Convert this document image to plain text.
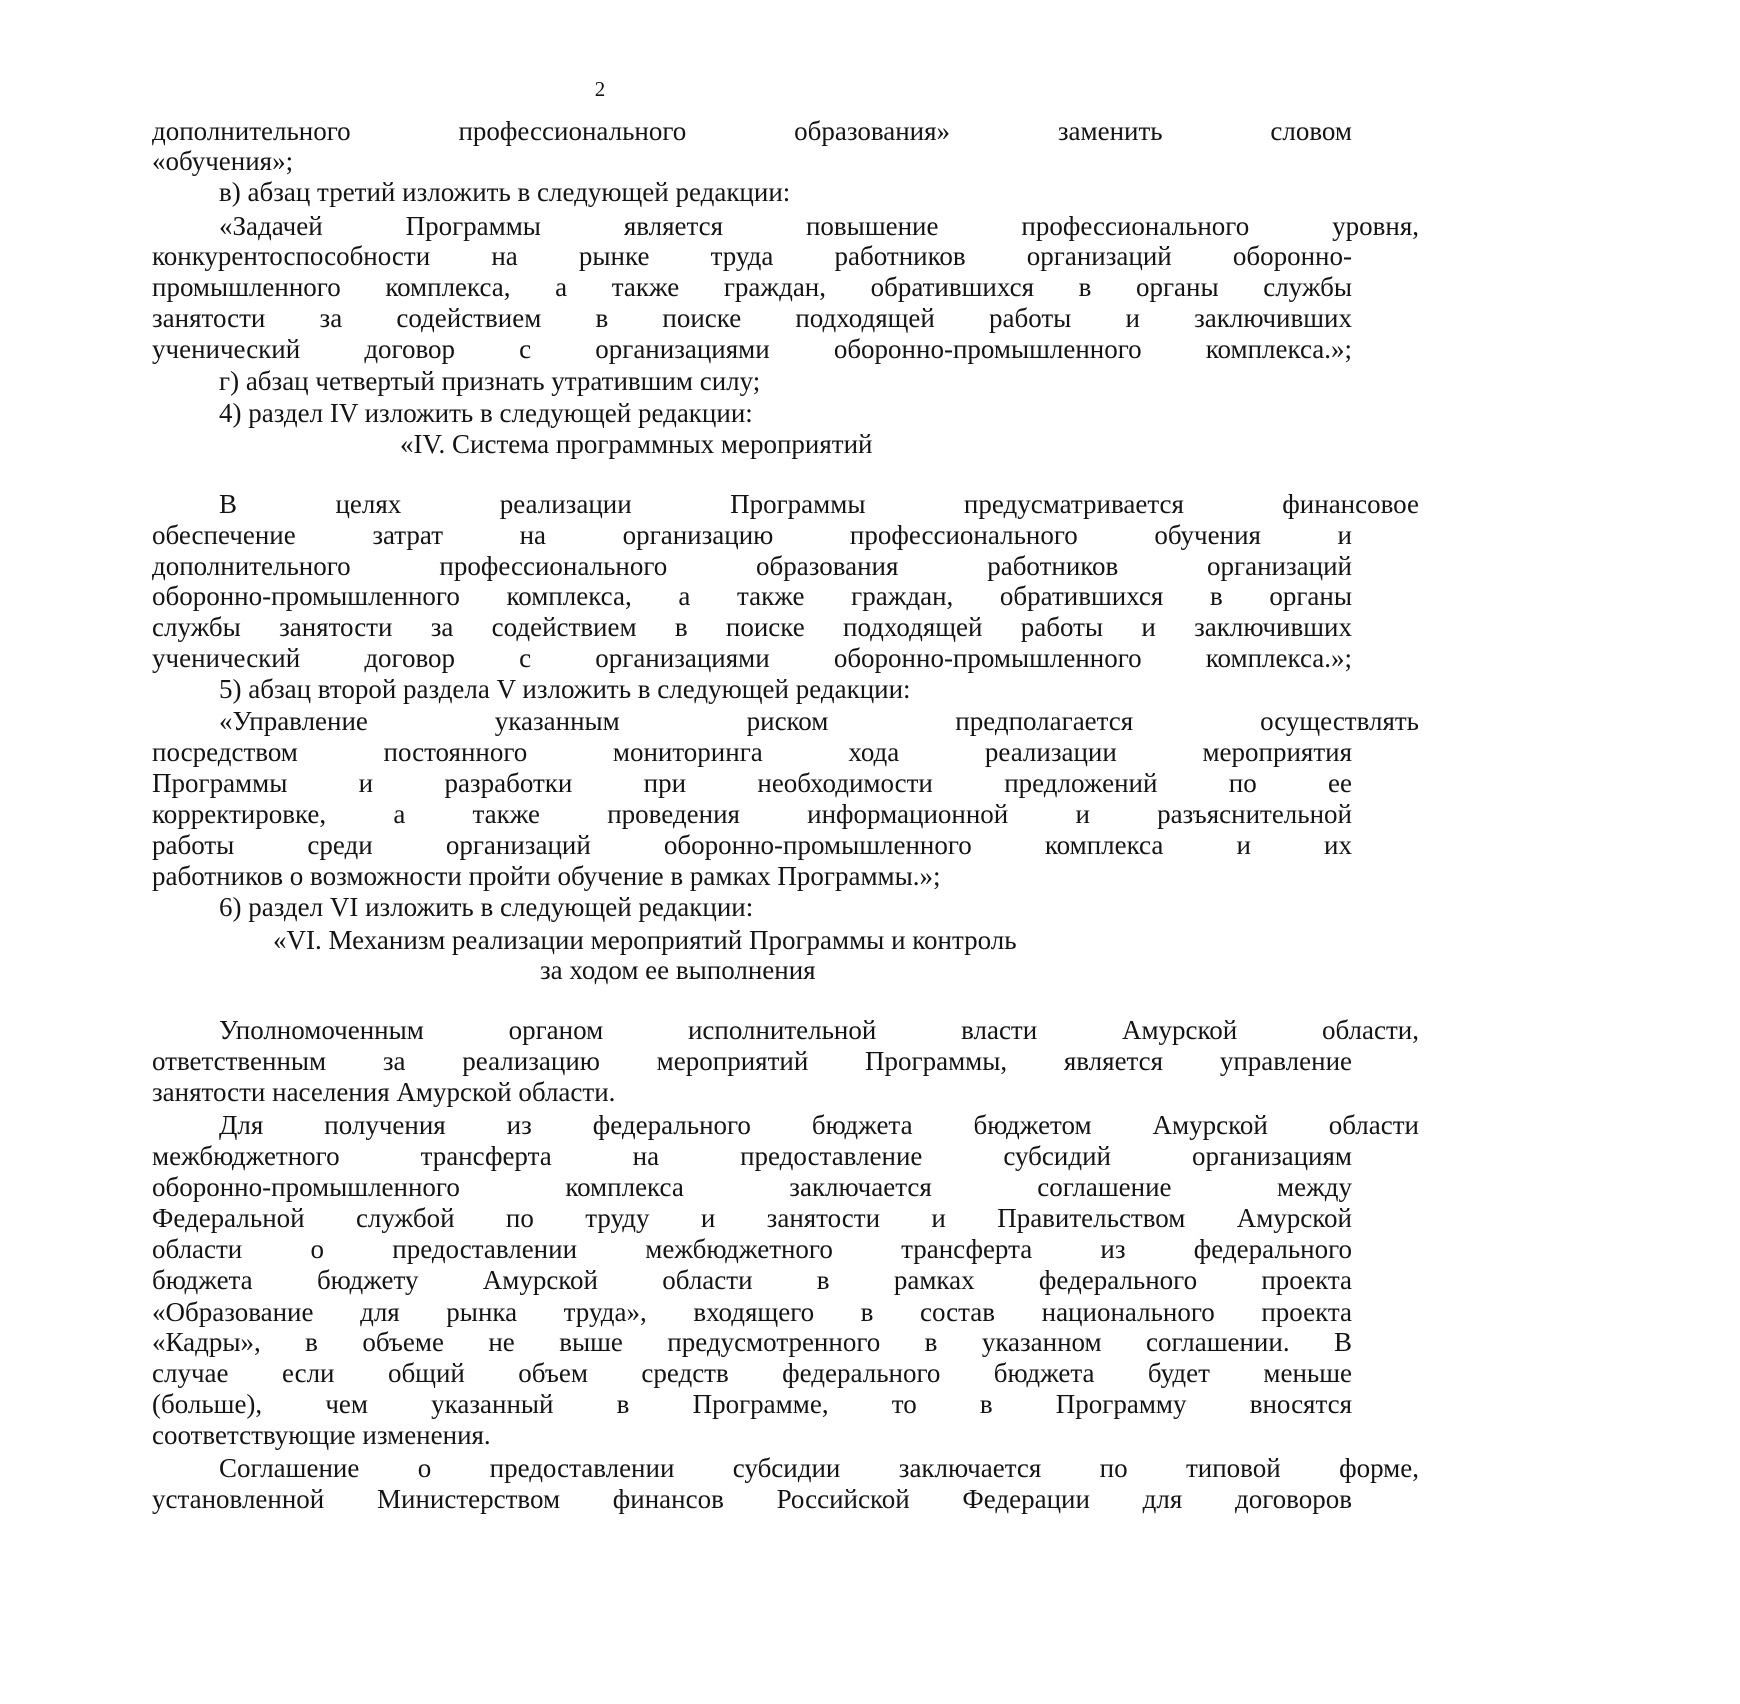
2

дополнительного профессионального образования» заменить словом

«обучения»;

в) абзац третий изложить в следующей редакции:

«Задачей Программы является повышение профессионального уровня,

конкурентоспособности на рынке труда работников организаций оборонно-

промышленного комплекса, а также граждан, обратившихся в органы службы

занятости за содействием в поиске подходящей работы и заключивших

ученический договор с организациями оборонно-промышленного комплекса.»;

г) абзац четвертый признать утратившим силу;

4) раздел IV изложить в следующей редакции:

«IV. Система программных мероприятий

В целях реализации Программы предусматривается финансовое

обеспечение затрат на организацию профессионального обучения и

дополнительного профессионального образования работников организаций

оборонно-промышленного комплекса, а также граждан, обратившихся в органы

службы занятости за содействием в поиске подходящей работы и заключивших

ученический договор с организациями оборонно-промышленного комплекса.»;

5) абзац второй раздела V изложить в следующей редакции:

«Управление указанным риском предполагается осуществлять

посредством постоянного мониторинга хода реализации мероприятия

Программы и разработки при необходимости предложений по ее

корректировке, а также проведения информационной и разъяснительной

работы среди организаций оборонно-промышленного комплекса и их

работников о возможности пройти обучение в рамках Программы.»;

6) раздел VI изложить в следующей редакции:

«VI. Механизм реализации мероприятий Программы и контроль

за ходом ее выполнения

Уполномоченным органом исполнительной власти Амурской области,

ответственным за реализацию мероприятий Программы, является управление

занятости населения Амурской области.

Для получения из федерального бюджета бюджетом Амурской области

межбюджетного трансферта на предоставление субсидий организациям

оборонно-промышленного комплекса заключается соглашение между

Федеральной службой по труду и занятости и Правительством Амурской

области о предоставлении межбюджетного трансферта из федерального

бюджета бюджету Амурской области в рамках федерального проекта

«Образование для рынка труда», входящего в состав национального проекта

«Кадры», в объеме не выше предусмотренного в указанном соглашении. В

случае если общий объем средств федерального бюджета будет меньше

(больше), чем указанный в Программе, то в Программу вносятся

соответствующие изменения.

Соглашение о предоставлении субсидии заключается по типовой форме,

установленной Министерством финансов Российской Федерации для договоров
